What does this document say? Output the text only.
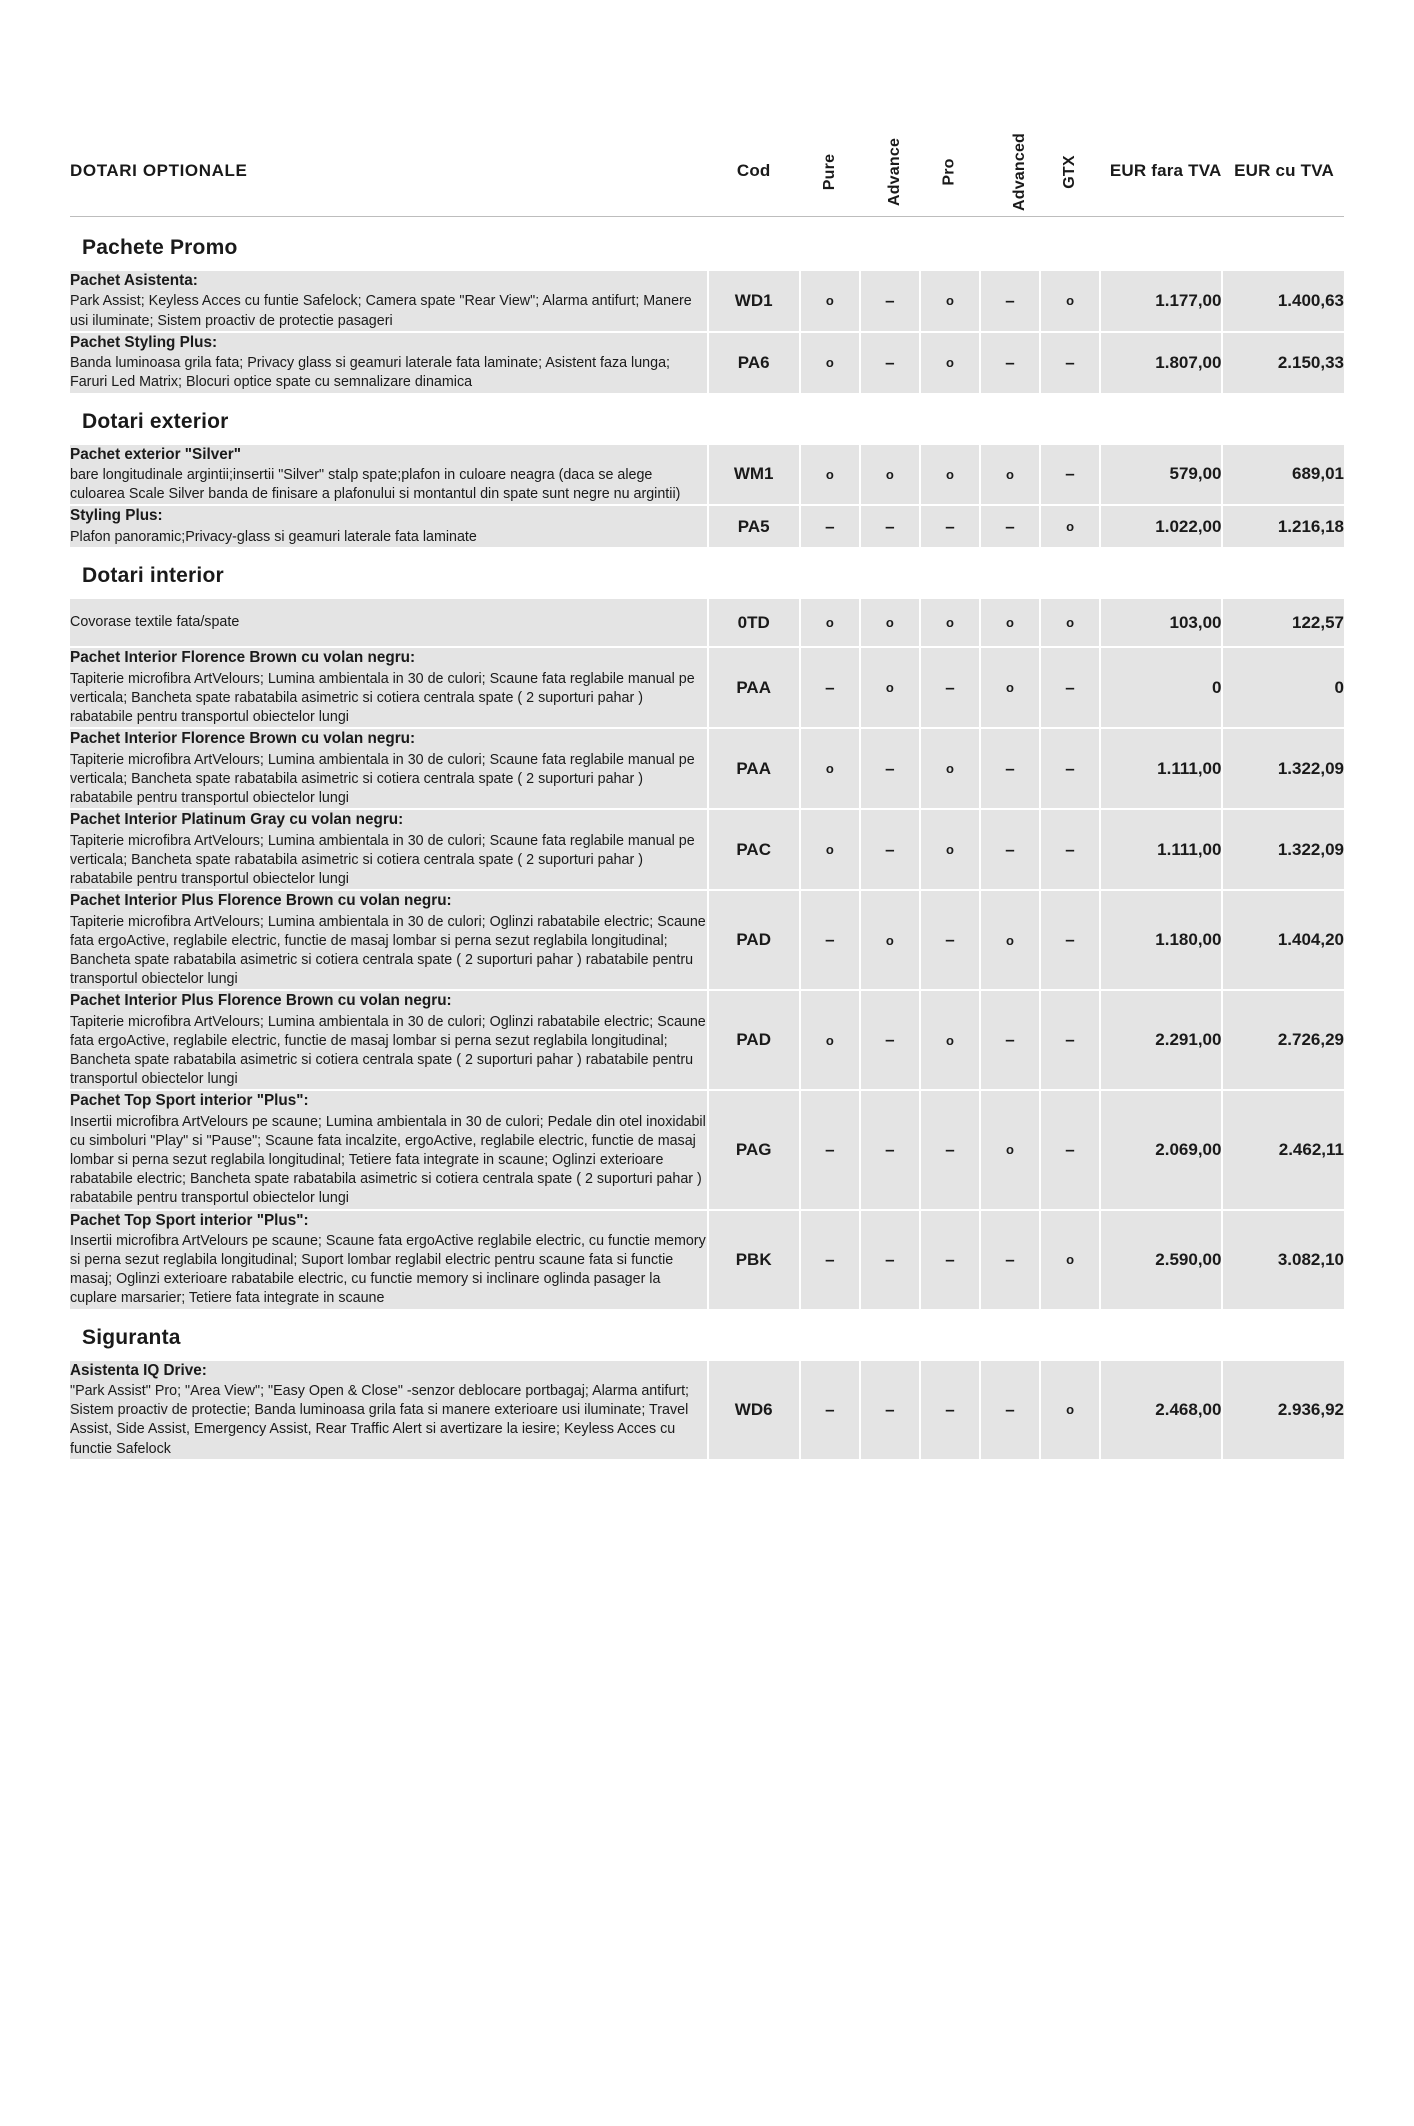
DOTARI OPTIONALE	Cod	Pure	Advance	Pro	Advanced	GTX	EUR fara TVA	EUR cu TVA

Pachete Promo								

Pachet Asistenta:
Park Assist; Keyless Acces cu funtie Safelock; Camera spate "Rear View"; Alarma antifurt; Manere usi iluminate; Sistem proactiv de protectie pasageri	WD1	o	–	o	–	o	1.177,00	1.400,63

Pachet Styling Plus:
Banda luminoasa grila fata; Privacy glass si geamuri laterale fata laminate; Asistent faza lunga; Faruri Led Matrix; Blocuri optice spate cu semnalizare dinamica	PA6	o	–	o	–	–	1.807,00	2.150,33
Dotari exterior								

Pachet exterior "Silver"
bare longitudinale argintii;insertii "Silver" stalp spate;plafon in culoare neagra (daca se alege culoarea Scale Silver banda de finisare a plafonului si montantul din spate sunt negre nu argintii)	WM1	o	o	o	o	–	579,00	689,01

Styling Plus:
Plafon panoramic;Privacy-glass si geamuri laterale fata laminate	PA5	–	–	–	–	o	1.022,00	1.216,18
Dotari interior								

Covorase textile fata/spate	0TD	o	o	o	o	o	103,00	122,57

Pachet Interior Florence Brown cu volan negru:
Tapiterie microfibra ArtVelours; Lumina ambientala in 30 de culori; Scaune fata reglabile manual pe verticala; Bancheta spate rabatabila asimetric si cotiera centrala spate ( 2 suporturi pahar ) rabatabile pentru transportul obiectelor lungi	PAA	–	o	–	o	–	0	0

Pachet Interior Florence Brown cu volan negru:
Tapiterie microfibra ArtVelours; Lumina ambientala in 30 de culori; Scaune fata reglabile manual pe verticala; Bancheta spate rabatabila asimetric si cotiera centrala spate ( 2 suporturi pahar ) rabatabile pentru transportul obiectelor lungi	PAA	o	–	o	–	–	1.111,00	1.322,09

Pachet Interior Platinum Gray cu volan negru:
Tapiterie microfibra ArtVelours; Lumina ambientala in 30 de culori; Scaune fata reglabile manual pe verticala; Bancheta spate rabatabila asimetric si cotiera centrala spate ( 2 suporturi pahar ) rabatabile pentru transportul obiectelor lungi	PAC	o	–	o	–	–	1.111,00	1.322,09

Pachet Interior Plus Florence Brown cu volan negru:
Tapiterie microfibra ArtVelours; Lumina ambientala in 30 de culori; Oglinzi rabatabile electric; Scaune fata ergoActive, reglabile electric, functie de masaj lombar si perna sezut reglabila longitudinal; Bancheta spate rabatabila asimetric si cotiera centrala spate ( 2 suporturi pahar ) rabatabile pentru transportul obiectelor lungi	PAD	–	o	–	o	–	1.180,00	1.404,20

Pachet Interior Plus Florence Brown cu volan negru:
Tapiterie microfibra ArtVelours; Lumina ambientala in 30 de culori; Oglinzi rabatabile electric; Scaune fata ergoActive, reglabile electric, functie de masaj lombar si perna sezut reglabila longitudinal; Bancheta spate rabatabila asimetric si cotiera centrala spate ( 2 suporturi pahar ) rabatabile pentru transportul obiectelor lungi	PAD	o	–	o	–	–	2.291,00	2.726,29

Pachet Top Sport interior "Plus":
Insertii microfibra ArtVelours pe scaune; Lumina ambientala in 30 de culori; Pedale din otel inoxidabil cu simboluri "Play" si "Pause"; Scaune fata incalzite, ergoActive, reglabile electric, functie de masaj lombar si perna sezut reglabila longitudinal; Tetiere fata integrate in scaune; Oglinzi exterioare rabatabile electric; Bancheta spate rabatabila asimetric si cotiera centrala spate ( 2 suporturi pahar ) rabatabile pentru transportul obiectelor lungi	PAG	–	–	–	o	–	2.069,00	2.462,11

Pachet Top Sport interior "Plus":
Insertii microfibra ArtVelours pe scaune; Scaune fata ergoActive reglabile electric, cu functie memory si perna sezut reglabila longitudinal; Suport lombar reglabil electric pentru scaune fata si functie masaj; Oglinzi exterioare rabatabile electric, cu functie memory si inclinare oglinda pasager la cuplare marsarier; Tetiere fata integrate in scaune	PBK	–	–	–	–	o	2.590,00	3.082,10
Siguranta								

Asistenta IQ Drive:
"Park Assist" Pro; "Area View"; "Easy Open & Close" -senzor deblocare portbagaj; Alarma antifurt; Sistem proactiv de protectie; Banda luminoasa grila fata si manere exterioare usi iluminate; Travel Assist, Side Assist, Emergency Assist, Rear Traffic Alert si avertizare la iesire; Keyless Acces cu functie Safelock	WD6	–	–	–	–	o	2.468,00	2.936,92
